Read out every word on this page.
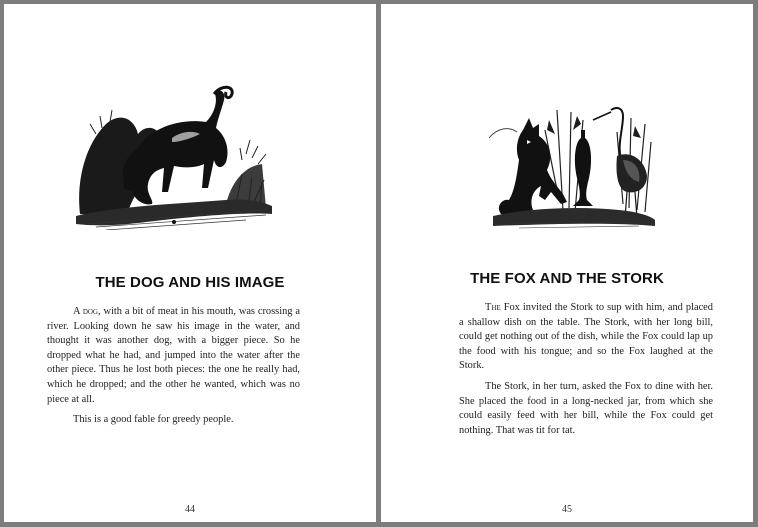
THE DOG AND HIS IMAGE

A dog, with a bit of meat in his mouth, was crossing a river. Looking down he saw his image in the water, and thought it was another dog, with a bigger piece. So he dropped what he had, and jumped into the water after the other piece. Thus he lost both pieces: the one he really had, which he dropped; and the other he wanted, which was no piece at all.

This is a good fable for greedy people.

44
THE FOX AND THE STORK

The Fox invited the Stork to sup with him, and placed a shallow dish on the table. The Stork, with her long bill, could get nothing out of the dish, while the Fox could lap up the food with his tongue; and so the Fox laughed at the Stork.

The Stork, in her turn, asked the Fox to dine with her. She placed the food in a long-necked jar, from which she could easily feed with her bill, while the Fox could get nothing. That was tit for tat.

45
